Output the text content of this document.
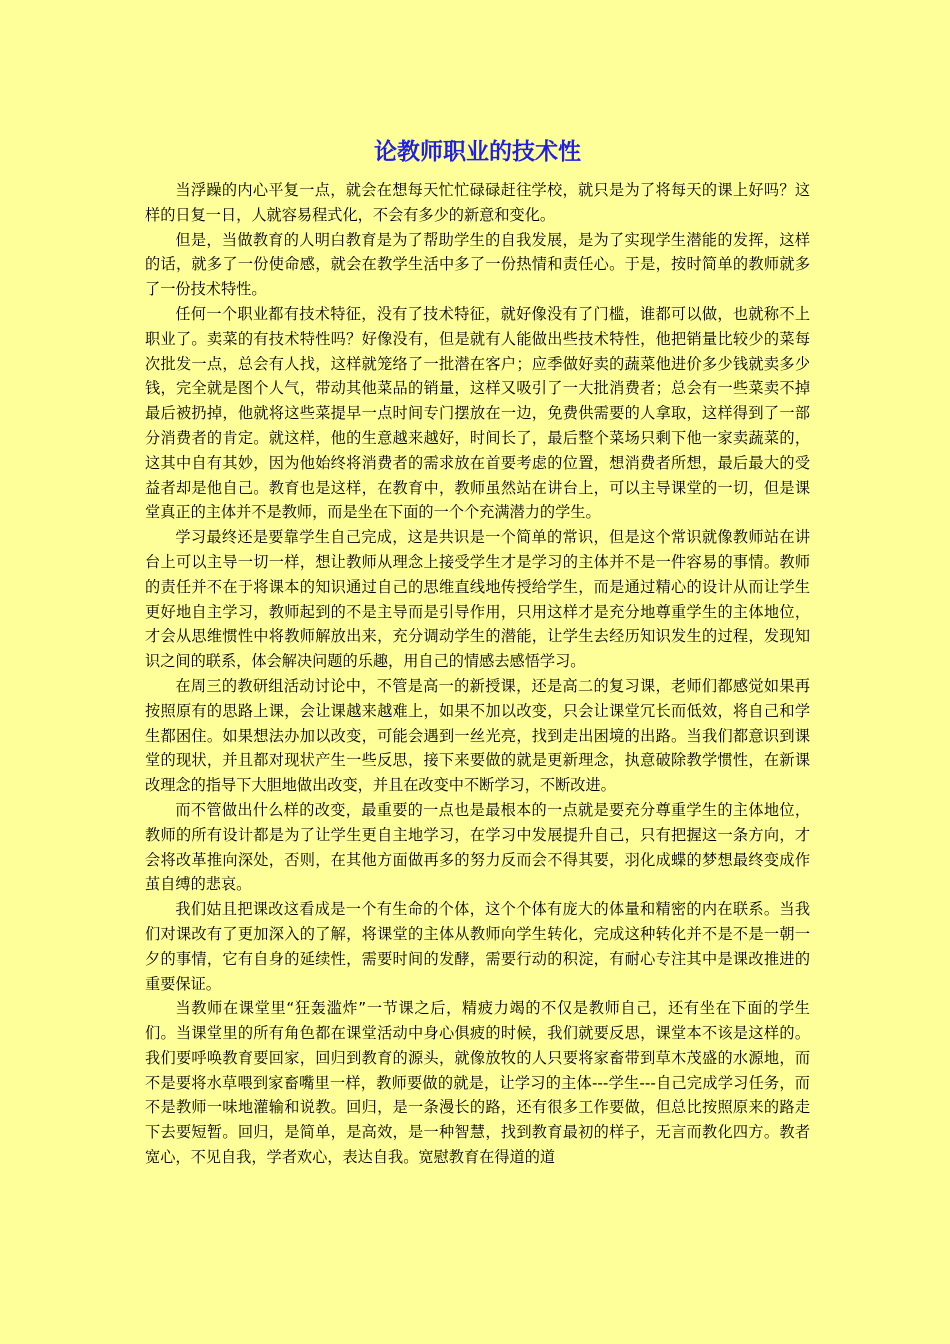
论教师职业的技术性

当浮躁的内心平复一点，就会在想每天忙忙碌碌赶往学校，就只是为了将每天的课上好吗？这样的日复一日，人就容易程式化，不会有多少的新意和变化。

但是，当做教育的人明白教育是为了帮助学生的自我发展，是为了实现学生潜能的发挥，这样的话，就多了一份使命感，就会在教学生活中多了一份热情和责任心。于是，按时简单的教师就多了一份技术特性。

任何一个职业都有技术特征，没有了技术特征，就好像没有了门槛，谁都可以做，也就称不上职业了。卖菜的有技术特性吗？好像没有，但是就有人能做出些技术特性，他把销量比较少的菜每次批发一点，总会有人找，这样就笼络了一批潜在客户；应季做好卖的蔬菜他进价多少钱就卖多少钱，完全就是图个人气，带动其他菜品的销量，这样又吸引了一大批消费者；总会有一些菜卖不掉最后被扔掉，他就将这些菜提早一点时间专门摆放在一边，免费供需要的人拿取，这样得到了一部分消费者的肯定。就这样，他的生意越来越好，时间长了，最后整个菜场只剩下他一家卖蔬菜的，这其中自有其妙，因为他始终将消费者的需求放在首要考虑的位置，想消费者所想，最后最大的受益者却是他自己。教育也是这样，在教育中，教师虽然站在讲台上，可以主导课堂的一切，但是课堂真正的主体并不是教师，而是坐在下面的一个个充满潜力的学生。

学习最终还是要靠学生自己完成，这是共识是一个简单的常识，但是这个常识就像教师站在讲台上可以主导一切一样，想让教师从理念上接受学生才是学习的主体并不是一件容易的事情。教师的责任并不在于将课本的知识通过自己的思维直线地传授给学生，而是通过精心的设计从而让学生更好地自主学习，教师起到的不是主导而是引导作用，只用这样才是充分地尊重学生的主体地位，才会从思维惯性中将教师解放出来，充分调动学生的潜能，让学生去经历知识发生的过程，发现知识之间的联系，体会解决问题的乐趣，用自己的情感去感悟学习。

在周三的教研组活动讨论中，不管是高一的新授课，还是高二的复习课，老师们都感觉如果再按照原有的思路上课，会让课越来越难上，如果不加以改变，只会让课堂冗长而低效，将自己和学生都困住。如果想法办加以改变，可能会遇到一丝光亮，找到走出困境的出路。当我们都意识到课堂的现状，并且都对现状产生一些反思，接下来要做的就是更新理念，执意破除教学惯性，在新课改理念的指导下大胆地做出改变，并且在改变中不断学习，不断改进。

而不管做出什么样的改变，最重要的一点也是最根本的一点就是要充分尊重学生的主体地位，教师的所有设计都是为了让学生更自主地学习，在学习中发展提升自己，只有把握这一条方向，才会将改革推向深处，否则，在其他方面做再多的努力反而会不得其要，羽化成蝶的梦想最终变成作茧自缚的悲哀。

我们姑且把课改这看成是一个有生命的个体，这个个体有庞大的体量和精密的内在联系。当我们对课改有了更加深入的了解，将课堂的主体从教师向学生转化，完成这种转化并不是不是一朝一夕的事情，它有自身的延续性，需要时间的发酵，需要行动的积淀，有耐心专注其中是课改推进的重要保证。

当教师在课堂里“狂轰滥炸”一节课之后，精疲力竭的不仅是教师自己，还有坐在下面的学生们。当课堂里的所有角色都在课堂活动中身心俱疲的时候，我们就要反思，课堂本不该是这样的。我们要呼唤教育要回家，回归到教育的源头，就像放牧的人只要将家畜带到草木茂盛的水源地，而不是要将水草喂到家畜嘴里一样，教师要做的就是，让学习的主体---学生---自己完成学习任务，而不是教师一味地灌输和说教。回归，是一条漫长的路，还有很多工作要做，但总比按照原来的路走下去要短暂。回归，是简单，是高效，是一种智慧，找到教育最初的样子，无言而教化四方。教者宽心，不见自我，学者欢心，表达自我。宽慰教育在得道的道
